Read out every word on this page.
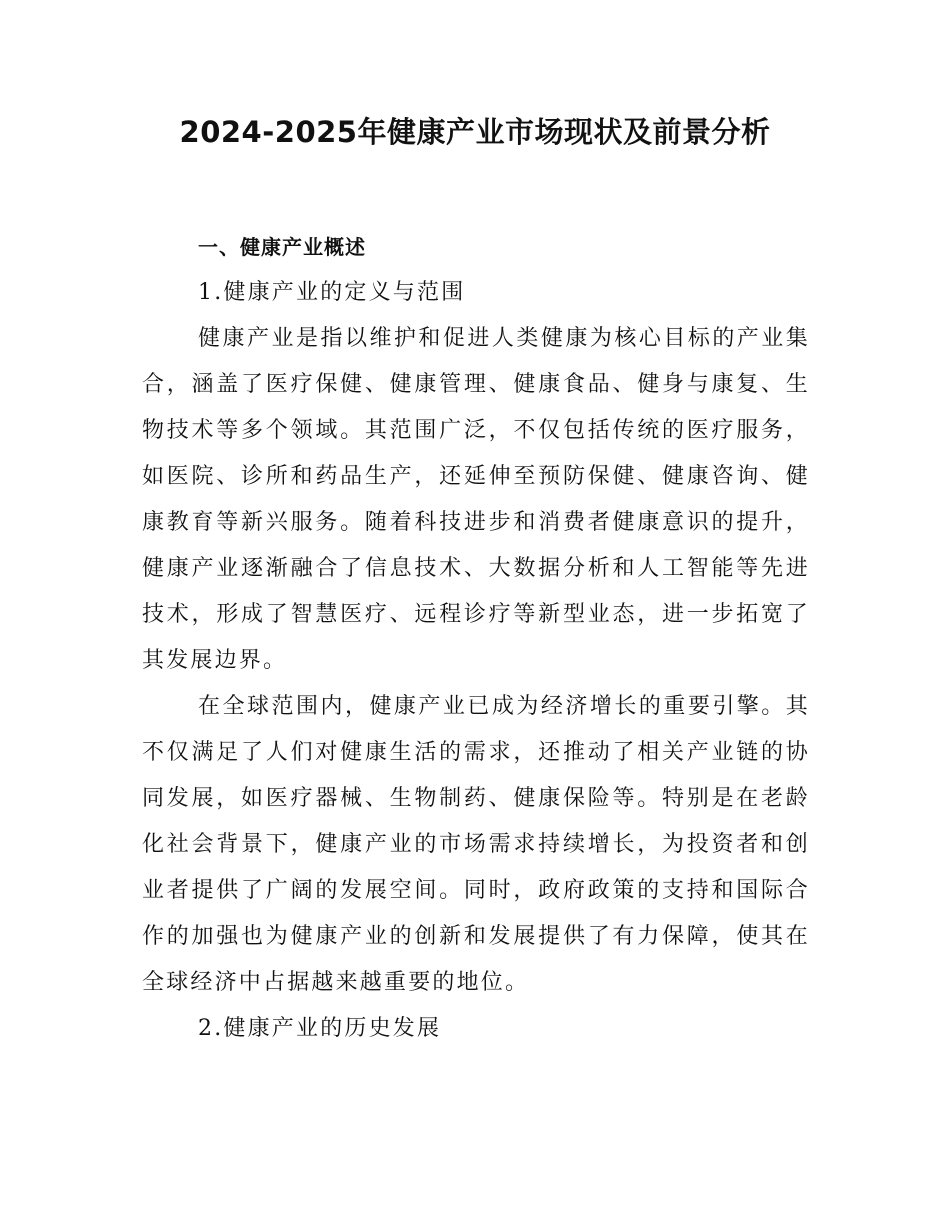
2024-2025年健康产业市场现状及前景分析

一、健康产业概述

1.健康产业的定义与范围

健康产业是指以维护和促进人类健康为核心目标的产业集合，涵盖了医疗保健、健康管理、健康食品、健身与康复、生物技术等多个领域。其范围广泛，不仅包括传统的医疗服务，如医院、诊所和药品生产，还延伸至预防保健、健康咨询、健康教育等新兴服务。随着科技进步和消费者健康意识的提升，健康产业逐渐融合了信息技术、大数据分析和人工智能等先进技术，形成了智慧医疗、远程诊疗等新型业态，进一步拓宽了其发展边界。

在全球范围内，健康产业已成为经济增长的重要引擎。其不仅满足了人们对健康生活的需求，还推动了相关产业链的协同发展，如医疗器械、生物制药、健康保险等。特别是在老龄化社会背景下，健康产业的市场需求持续增长，为投资者和创业者提供了广阔的发展空间。同时，政府政策的支持和国际合作的加强也为健康产业的创新和发展提供了有力保障，使其在全球经济中占据越来越重要的地位。

2.健康产业的历史发展
